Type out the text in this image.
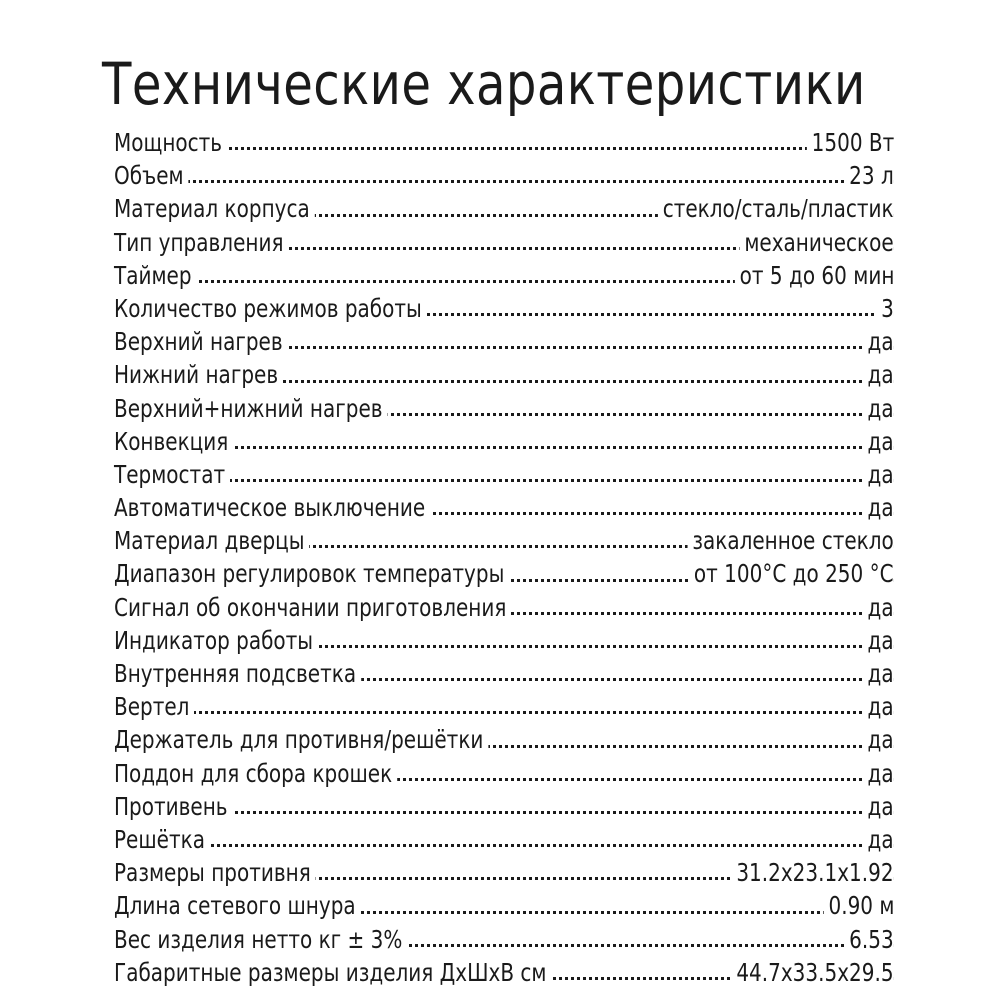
Технические характеристики
Мощность	1500 Вт
Объем	23 л
Материал корпуса	стекло/сталь/пластик
Тип управления	механическое
Таймер	от 5 до 60 мин
Количество режимов работы	3
Верхний нагрев	да
Нижний нагрев	да
Верхний+нижний нагрев	да
Конвекция	да
Термостат	да
Автоматическое выключение	да
Материал дверцы	закаленное стекло
Диапазон регулировок температуры	от 100°С до 250 °С
Сигнал об окончании приготовления	да
Индикатор работы	да
Внутренняя подсветка	да
Вертел	да
Держатель для противня/решётки	да
Поддон для сбора крошек	да
Противень	да
Решётка	да
Размеры противня	31.2х23.1х1.92
Длина сетевого шнура	0.90 м
Вес изделия нетто кг ± 3%	6.53
Габаритные размеры изделия ДхШхВ см	44.7х33.5х29.5
